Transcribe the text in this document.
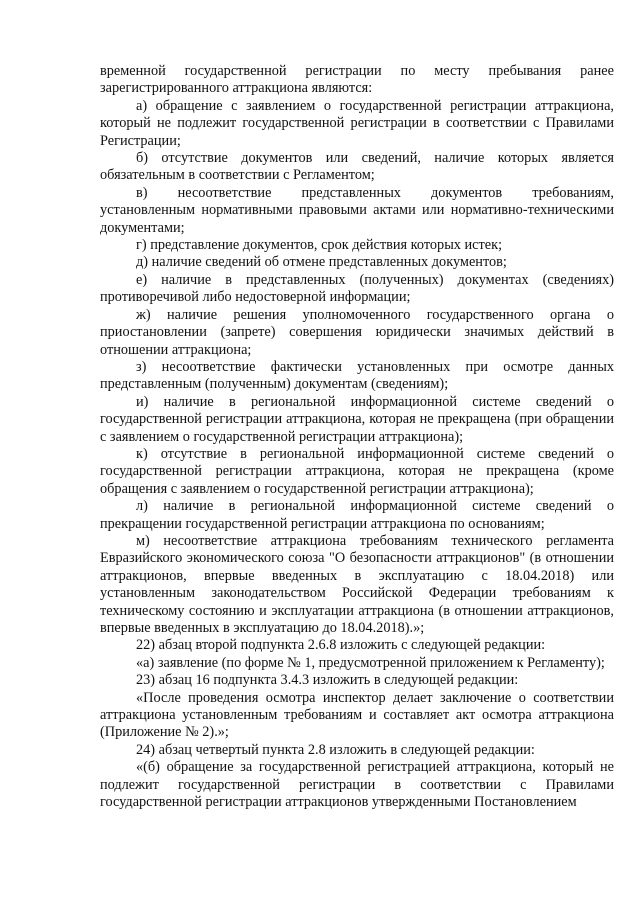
временной государственной регистрации по месту пребывания ранее зарегистрированного аттракциона являются:

а) обращение с заявлением о государственной регистрации аттракциона, который не подлежит государственной регистрации в соответствии с Правилами Регистрации;

б) отсутствие документов или сведений, наличие которых является обязательным в соответствии с Регламентом;

в) несоответствие представленных документов требованиям, установленным нормативными правовыми актами или нормативно-техническими документами;

г) представление документов, срок действия которых истек;

д) наличие сведений об отмене представленных документов;

е) наличие в представленных (полученных) документах (сведениях) противоречивой либо недостоверной информации;

ж) наличие решения уполномоченного государственного органа о приостановлении (запрете) совершения юридически значимых действий в отношении аттракциона;

з) несоответствие фактически установленных при осмотре данных представленным (полученным) документам (сведениям);

и) наличие в региональной информационной системе сведений о государственной регистрации аттракциона, которая не прекращена (при обращении с заявлением о государственной регистрации аттракциона);

к) отсутствие в региональной информационной системе сведений о государственной регистрации аттракциона, которая не прекращена (кроме обращения с заявлением о государственной регистрации аттракциона);

л) наличие в региональной информационной системе сведений о прекращении государственной регистрации аттракциона по основаниям;

м) несоответствие аттракциона требованиям технического регламента Евразийского экономического союза "О безопасности аттракционов" (в отношении аттракционов, впервые введенных в эксплуатацию с 18.04.2018) или установленным законодательством Российской Федерации требованиям к техническому состоянию и эксплуатации аттракциона (в отношении аттракционов, впервые введенных в эксплуатацию до 18.04.2018).»;

22) абзац второй подпункта 2.6.8 изложить с следующей редакции:

«а) заявление (по форме № 1, предусмотренной приложением к Регламенту);

23) абзац 16 подпункта 3.4.3 изложить в следующей редакции:

«После проведения осмотра инспектор делает заключение о соответствии аттракциона установленным требованиям и составляет акт осмотра аттракциона (Приложение № 2).»;

24) абзац четвертый пункта 2.8 изложить в следующей редакции:

«(б) обращение за государственной регистрацией аттракциона, который не подлежит государственной регистрации в соответствии с Правилами государственной регистрации аттракционов утвержденными Постановлением
